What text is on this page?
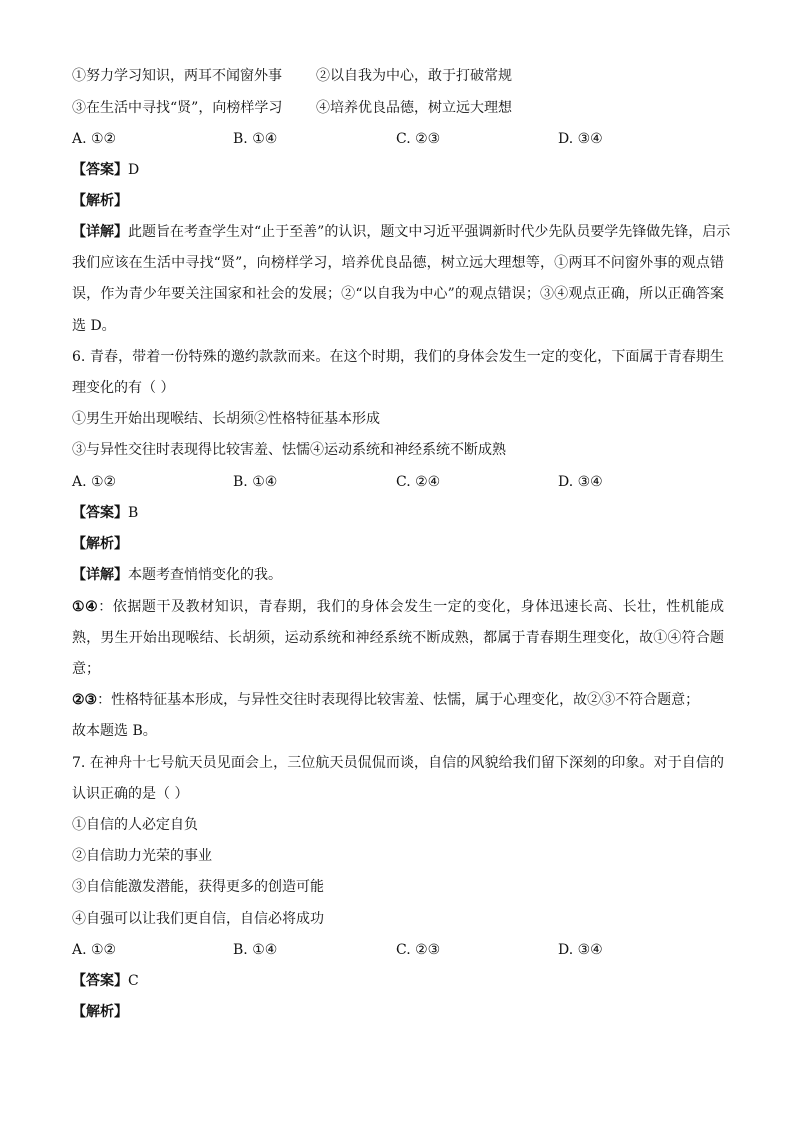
①努力学习知识，两耳不闻窗外事 ②以自我为中心，敢于打破常规
③在生活中寻找“贤”，向榜样学习 ④培养优良品德，树立远大理想
A. ①②	B. ①④	C. ②③	D. ③④
【答案】D
【解析】
【详解】此题旨在考查学生对“止于至善”的认识，题文中习近平强调新时代少先队员要学先锋做先锋，启示
我们应该在生活中寻找“贤”，向榜样学习，培养优良品德，树立远大理想等，①两耳不问窗外事的观点错
误，作为青少年要关注国家和社会的发展；②“以自我为中心”的观点错误；③④观点正确，所以正确答案
选 D。
6. 青春，带着一份特殊的邀约款款而来。在这个时期，我们的身体会发生一定的变化，下面属于青春期生
理变化的有（ ）
①男生开始出现喉结、长胡须②性格特征基本形成
③与异性交往时表现得比较害羞、怯懦④运动系统和神经系统不断成熟
A. ①②	B. ①④	C. ②④	D. ③④
【答案】B
【解析】
【详解】本题考查悄悄变化的我。
①④：依据题干及教材知识，青春期，我们的身体会发生一定的变化，身体迅速长高、长壮，性机能成
熟，男生开始出现喉结、长胡须，运动系统和神经系统不断成熟，都属于青春期生理变化，故①④符合题
意；
②③：性格特征基本形成，与异性交往时表现得比较害羞、怯懦，属于心理变化，故②③不符合题意；
故本题选 B。
7. 在神舟十七号航天员见面会上，三位航天员侃侃而谈，自信的风貌给我们留下深刻的印象。对于自信的
认识正确的是（ ）
①自信的人必定自负
②自信助力光荣的事业
③自信能激发潜能，获得更多的创造可能
④自强可以让我们更自信，自信必将成功
A. ①②	B. ①④	C. ②③	D. ③④
【答案】C
【解析】
